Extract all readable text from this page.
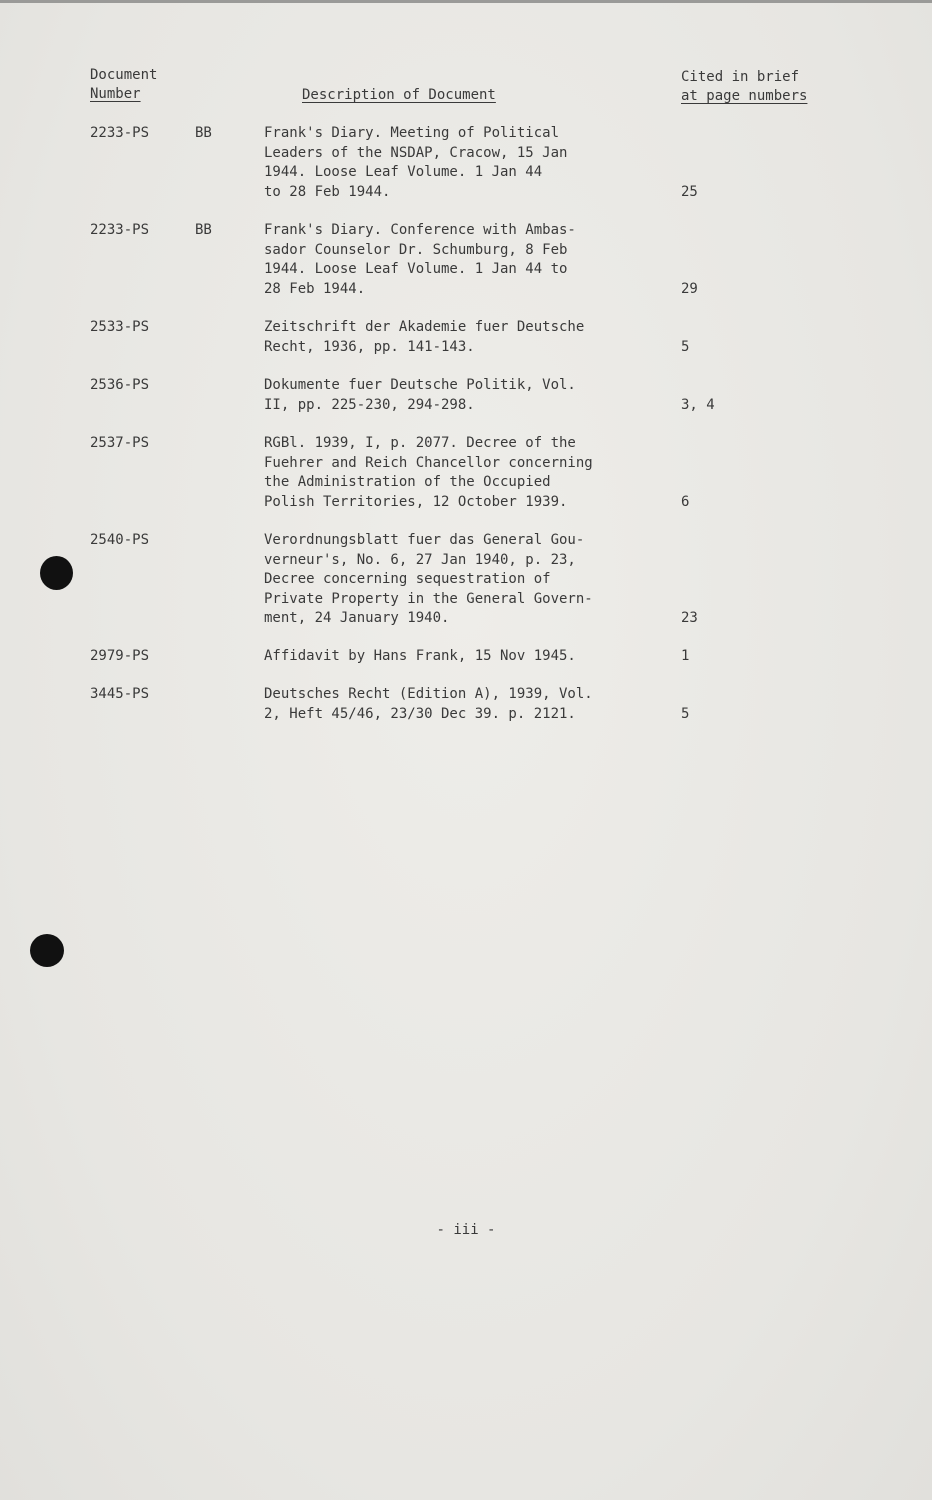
Document
Number	Description of Document
Cited in brief
at page numbers
2233-PS	BB	Frank's Diary. Meeting of Political
Leaders of the NSDAP, Cracow, 15 Jan
1944. Loose Leaf Volume. 1 Jan 44
to 28 Feb 1944.	25
2233-PS	BB	Frank's Diary. Conference with Ambas-
sador Counselor Dr. Schumburg, 8 Feb
1944. Loose Leaf Volume. 1 Jan 44 to
28 Feb 1944.	29
2533-PS	Zeitschrift der Akademie fuer Deutsche
Recht, 1936, pp. 141-143.	5
2536-PS	Dokumente fuer Deutsche Politik, Vol.
II, pp. 225-230, 294-298.	3, 4
2537-PS	RGBl. 1939, I, p. 2077. Decree of the
Fuehrer and Reich Chancellor concerning
the Administration of the Occupied
Polish Territories, 12 October 1939.	6
2540-PS	Verordnungsblatt fuer das General Gou-
verneur's, No. 6, 27 Jan 1940, p. 23,
Decree concerning sequestration of
Private Property in the General Govern-
ment, 24 January 1940.	23
2979-PS	Affidavit by Hans Frank, 15 Nov 1945.	1
3445-PS	Deutsches Recht (Edition A), 1939, Vol.
2, Heft 45/46, 23/30 Dec 39. p. 2121.	5
- iii -
